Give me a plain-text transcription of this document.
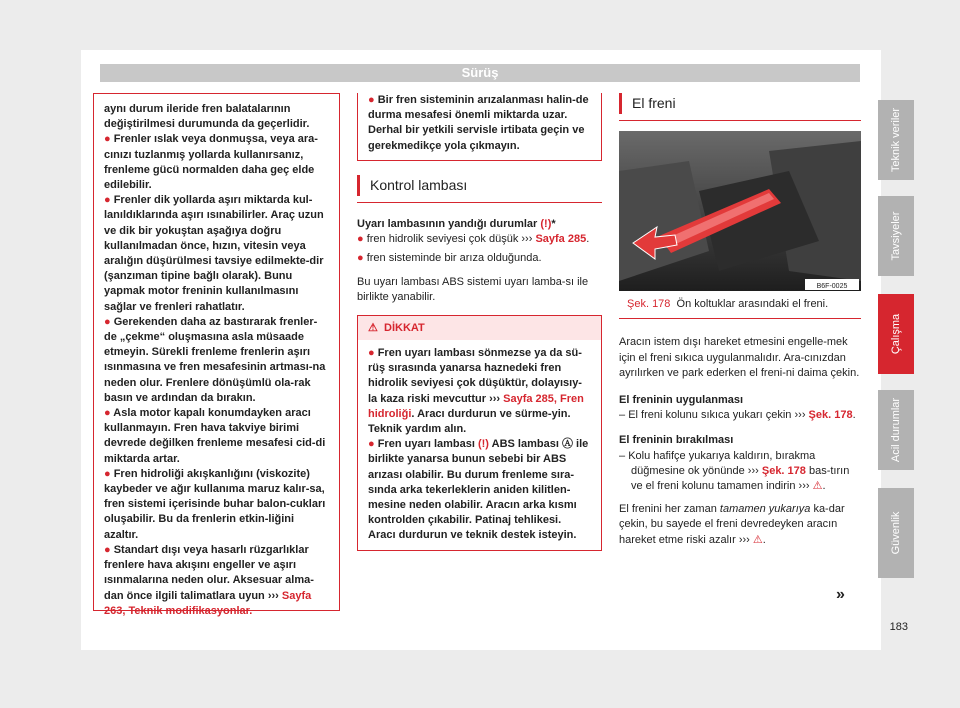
Sürüş

aynı durum ileride fren balatalarının değiştirilmesi durumunda da geçerlidir.

● Frenler ıslak veya donmuşsa, veya ara-cınızı tuzlanmış yollarda kullanırsanız, frenleme gücü normalden daha geç elde edilebilir.

● Frenler dik yollarda aşırı miktarda kul-lanıldıklarında aşırı ısınabilirler. Araç uzun ve dik bir yokuştan aşağıya doğru kullanılmadan önce, hızın, vitesin veya aralığın düşürülmesi tavsiye edilmekte-dir (şanzıman tipine bağlı olarak). Bunu yapmak motor freninin kullanılmasını sağlar ve frenleri rahatlatır.

● Gerekenden daha az bastırarak frenler-de „çekme“ oluşmasına asla müsaade etmeyin. Sürekli frenleme frenlerin aşırı ısınmasına ve fren mesafesinin artması-na neden olur. Frenlere dönüşümlü ola-rak basın ve ardından da bırakın.

● Asla motor kapalı konumdayken aracı kullanmayın. Fren hava takviye birimi devrede değilken frenleme mesafesi cid-di miktarda artar.

● Fren hidroliği akışkanlığını (viskozite) kaybeder ve ağır kullanıma maruz kalır-sa, fren sistemi içerisinde buhar balon-cukları oluşabilir. Bu da frenlerin etkin-liğini azaltır.

● Standart dışı veya hasarlı rüzgarlıklar frenlere hava akışını engeller ve aşırı ısınmalarına neden olur. Aksesuar alma-dan önce ilgili talimatlara uyun ››› Sayfa 263, Teknik modifikasyonlar.

● Bir fren sisteminin arızalanması halin-de durma mesafesi önemli miktarda uzar. Derhal bir yetkili servisle irtibata geçin ve gerekmedikçe yola çıkmayın.

Kontrol lambası

Uyarı lambasının yandığı durumlar (!)*

● fren hidrolik seviyesi çok düşük ››› Sayfa 285.

● fren sisteminde bir arıza olduğunda.

Bu uyarı lambası ABS sistemi uyarı lamba-sı ile birlikte yanabilir.

⚠ DİKKAT

● Fren uyarı lambası sönmezse ya da sü-rüş sırasında yanarsa haznedeki fren hidrolik seviyesi çok düşüktür, dolayısıy-la kaza riski mevcuttur ››› Sayfa 285, Fren hidroliği. Aracı durdurun ve sürme-yin. Teknik yardım alın.

● Fren uyarı lambası (!) ABS lambası Ⓐ ile birlikte yanarsa bunun sebebi bir ABS arızası olabilir. Bu durum frenleme sıra-sında arka tekerleklerin aniden kilitlen-mesine neden olabilir. Aracın arka kısmı kontrolden çıkabilir. Patinaj tehlikesi. Aracı durdurun ve teknik destek isteyin.

El freni
B6F-0025
Şek. 178 Ön koltuklar arasındaki el freni.

Aracın istem dışı hareket etmesini engelle-mek için el freni sıkıca uygulanmalıdır. Ara-cınızdan ayrılırken ve park ederken el freni-ni daima çekin.

El freninin uygulanması

– El freni kolunu sıkıca yukarı çekin ››› Şek. 178.

El freninin bırakılması

– Kolu hafifçe yukarıya kaldırın, bırakma düğmesine ok yönünde ››› Şek. 178 bas-tırın ve el freni kolunu tamamen indirin ››› ⚠.

El frenini her zaman tamamen yukarıya ka-dar çekin, bu sayede el freni devredeyken aracın hareket etme riski azalır ››› ⚠.

»
Teknik veriler
Tavsiyeler
Çalışma
Acil durumlar
Güvenlik
183
